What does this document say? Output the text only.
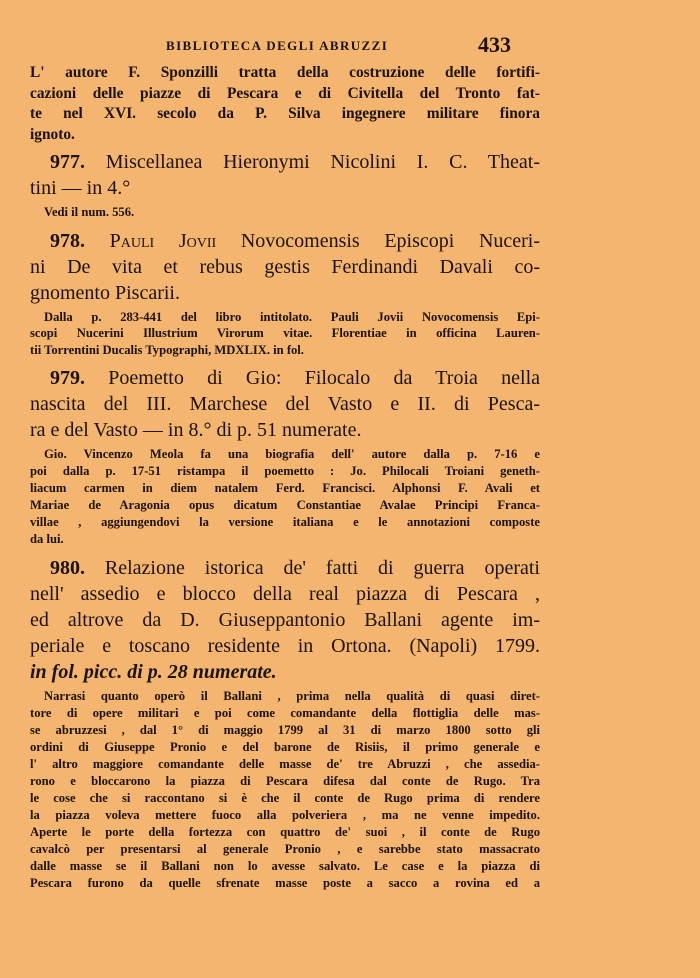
BIBLIOTECA DEGLI ABRUZZI	433

L' autore F. Sponzilli tratta della costruzione delle fortifi-
cazioni delle piazze di Pescara e di Civitella del Tronto fat-
te nel XVI. secolo da P. Silva ingegnere militare finora
ignoto.

977. Miscellanea Hieronymi Nicolini I. C. Theat-
tini — in 4.°

Vedi il num. 556.

978. Pauli Jovii Novocomensis Episcopi Nuceri-
ni De vita et rebus gestis Ferdinandi Davali co-
gnomento Piscarii.

Dalla p. 283-441 del libro intitolato. Pauli Jovii Novocomensis Epi-
scopi Nucerini Illustrium Virorum vitae. Florentiae in officina Lauren-
tii Torrentini Ducalis Typographi, MDXLIX. in fol.

979. Poemetto di Gio: Filocalo da Troia nella
nascita del III. Marchese del Vasto e II. di Pesca-
ra e del Vasto — in 8.° di p. 51 numerate.

Gio. Vincenzo Meola fa una biografia dell' autore dalla p. 7-16 e
poi dalla p. 17-51 ristampa il poemetto : Jo. Philocali Troiani geneth-
liacum carmen in diem natalem Ferd. Francisci. Alphonsi F. Avali et
Mariae de Aragonia opus dicatum Constantiae Avalae Principi Franca-
villae , aggiungendovi la versione italiana e le annotazioni composte
da lui.

980. Relazione istorica de' fatti di guerra operati
nell' assedio e blocco della real piazza di Pescara ,
ed altrove da D. Giuseppantonio Ballani agente im-
periale e toscano residente in Ortona. (Napoli) 1799.
in fol. picc. di p. 28 numerate.

Narrasi quanto operò il Ballani , prima nella qualità di quasi diret-
tore di opere militari e poi come comandante della flottiglia delle mas-
se abruzzesi , dal 1° di maggio 1799 al 31 di marzo 1800 sotto gli
ordini di Giuseppe Pronio e del barone de Risiis, il primo generale e
l' altro maggiore comandante delle masse de' tre Abruzzi , che assedia-
rono e bloccarono la piazza di Pescara difesa dal conte de Rugo. Tra
le cose che si raccontano si è che il conte de Rugo prima di rendere
la piazza voleva mettere fuoco alla polveriera , ma ne venne impedito.
Aperte le porte della fortezza con quattro de' suoi , il conte de Rugo
cavalcò per presentarsi al generale Pronio , e sarebbe stato massacrato
dalle masse se il Ballani non lo avesse salvato. Le case e la piazza di
Pescara furono da quelle sfrenate masse poste a sacco a rovina ed a
